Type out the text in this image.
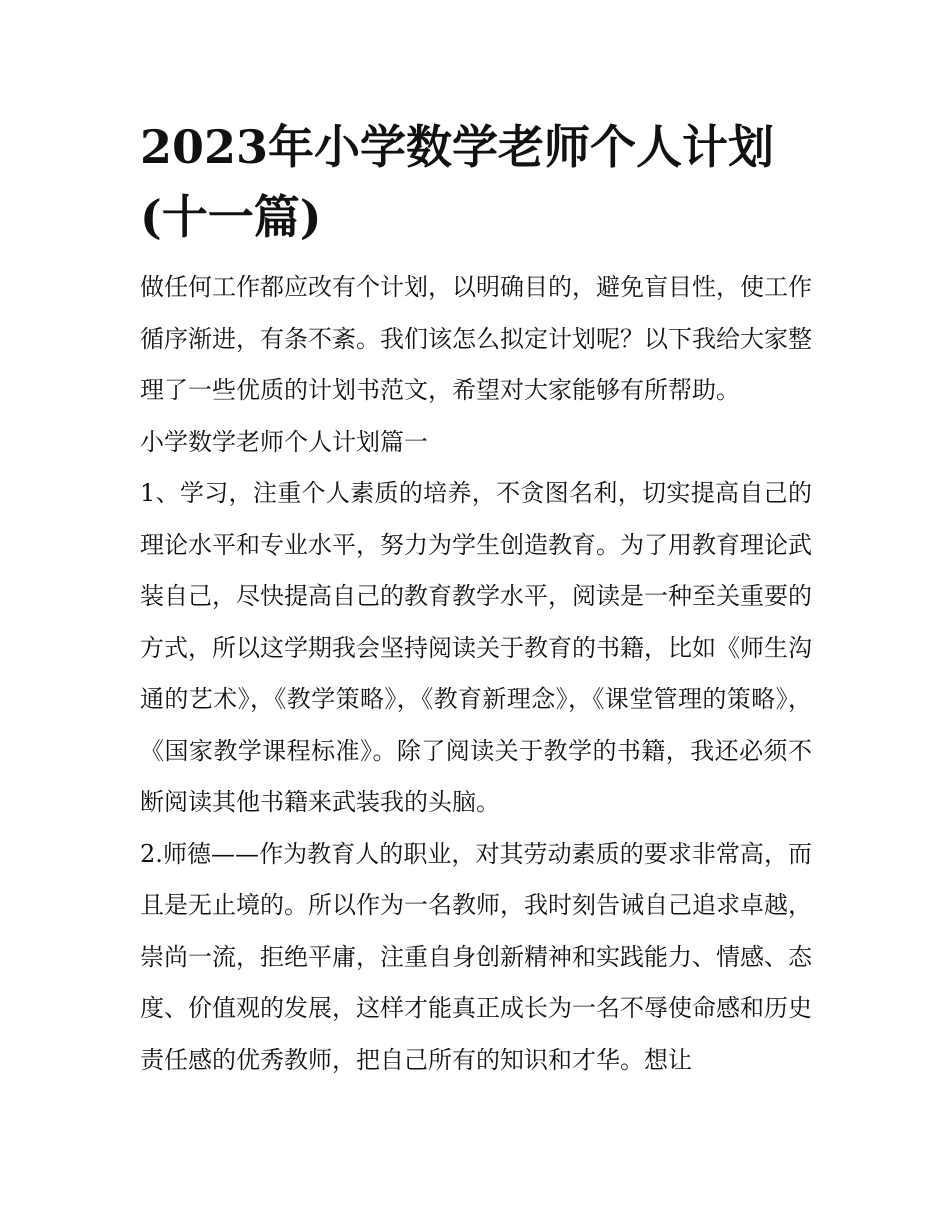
2023年小学数学老师个人计划
(十一篇)

做任何工作都应改有个计划，以明确目的，避免盲目性，使工作循序渐进，有条不紊。我们该怎么拟定计划呢？以下我给大家整理了一些优质的计划书范文，希望对大家能够有所帮助。

小学数学老师个人计划篇一

1、学习，注重个人素质的培养，不贪图名利，切实提高自己的理论水平和专业水平，努力为学生创造教育。为了用教育理论武装自己，尽快提高自己的教育教学水平，阅读是一种至关重要的方式，所以这学期我会坚持阅读关于教育的书籍，比如《师生沟通的艺术》，《教学策略》，《教育新理念》，《课堂管理的策略》，《国家教学课程标准》。除了阅读关于教学的书籍，我还必须不断阅读其他书籍来武装我的头脑。

2.师德——作为教育人的职业，对其劳动素质的要求非常高，而且是无止境的。所以作为一名教师，我时刻告诫自己追求卓越，崇尚一流，拒绝平庸，注重自身创新精神和实践能力、情感、态度、价值观的发展，这样才能真正成长为一名不辱使命感和历史责任感的优秀教师，把自己所有的知识和才华。想让
